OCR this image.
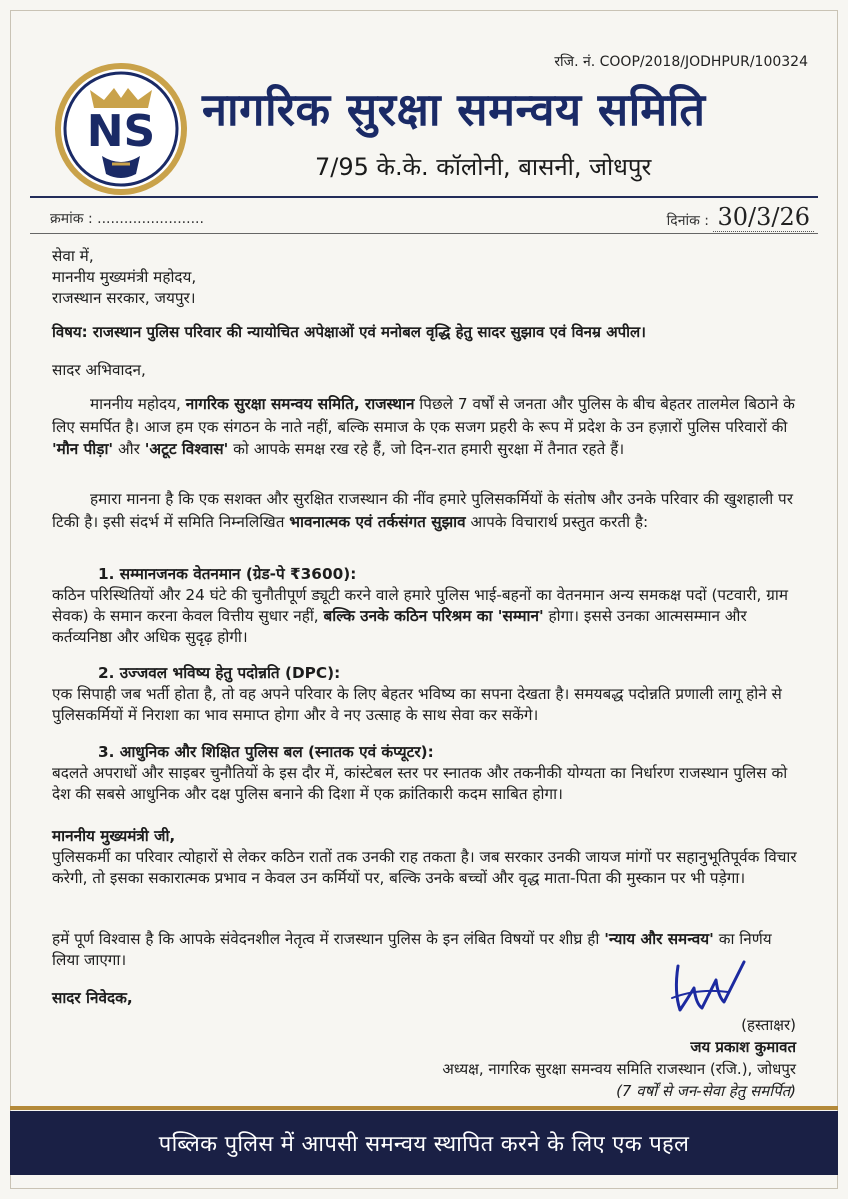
रजि. नं. COOP/2018/JODHPUR/100324
NS नागरिक सुरक्षा समन्वय समिति
7/95 के.के. कॉलोनी, बासनी, जोधपुर
क्रमांक : ........................	दिनांक : 30/3/26

सेवा में,

माननीय मुख्यमंत्री महोदय,

राजस्थान सरकार, जयपुर।

विषय: राजस्थान पुलिस परिवार की न्यायोचित अपेक्षाओं एवं मनोबल वृद्धि हेतु सादर सुझाव एवं विनम्र अपील।
सादर अभिवादन,

माननीय महोदय, नागरिक सुरक्षा समन्वय समिति, राजस्थान पिछले 7 वर्षों से जनता और पुलिस के बीच बेहतर तालमेल बिठाने के लिए समर्पित है। आज हम एक संगठन के नाते नहीं, बल्कि समाज के एक सजग प्रहरी के रूप में प्रदेश के उन हज़ारों पुलिस परिवारों की 'मौन पीड़ा' और 'अटूट विश्वास' को आपके समक्ष रख रहे हैं, जो दिन-रात हमारी सुरक्षा में तैनात रहते हैं।

हमारा मानना है कि एक सशक्त और सुरक्षित राजस्थान की नींव हमारे पुलिसकर्मियों के संतोष और उनके परिवार की खुशहाली पर टिकी है। इसी संदर्भ में समिति निम्नलिखित भावनात्मक एवं तर्कसंगत सुझाव आपके विचारार्थ प्रस्तुत करती है:

1. सम्मानजनक वेतनमान (ग्रेड-पे ₹3600):

कठिन परिस्थितियों और 24 घंटे की चुनौतीपूर्ण ड्यूटी करने वाले हमारे पुलिस भाई-बहनों का वेतनमान अन्य समकक्ष पदों (पटवारी, ग्राम सेवक) के समान करना केवल वित्तीय सुधार नहीं, बल्कि उनके कठिन परिश्रम का 'सम्मान' होगा। इससे उनका आत्मसम्मान और कर्तव्यनिष्ठा और अधिक सुदृढ़ होगी।

2. उज्जवल भविष्य हेतु पदोन्नति (DPC):

एक सिपाही जब भर्ती होता है, तो वह अपने परिवार के लिए बेहतर भविष्य का सपना देखता है। समयबद्ध पदोन्नति प्रणाली लागू होने से पुलिसकर्मियों में निराशा का भाव समाप्त होगा और वे नए उत्साह के साथ सेवा कर सकेंगे।

3. आधुनिक और शिक्षित पुलिस बल (स्नातक एवं कंप्यूटर):

बदलते अपराधों और साइबर चुनौतियों के इस दौर में, कांस्टेबल स्तर पर स्नातक और तकनीकी योग्यता का निर्धारण राजस्थान पुलिस को देश की सबसे आधुनिक और दक्ष पुलिस बनाने की दिशा में एक क्रांतिकारी कदम साबित होगा।

माननीय मुख्यमंत्री जी,

पुलिसकर्मी का परिवार त्योहारों से लेकर कठिन रातों तक उनकी राह तकता है। जब सरकार उनकी जायज मांगों पर सहानुभूतिपूर्वक विचार करेगी, तो इसका सकारात्मक प्रभाव न केवल उन कर्मियों पर, बल्कि उनके बच्चों और वृद्ध माता-पिता की मुस्कान पर भी पड़ेगा।

हमें पूर्ण विश्वास है कि आपके संवेदनशील नेतृत्व में राजस्थान पुलिस के इन लंबित विषयों पर शीघ्र ही 'न्याय और समन्वय' का निर्णय लिया जाएगा।

सादर निवेदक,
(हस्ताक्षर)
जय प्रकाश कुमावत
अध्यक्ष, नागरिक सुरक्षा समन्वय समिति राजस्थान (रजि.), जोधपुर
(7 वर्षों से जन-सेवा हेतु समर्पित)
पब्लिक पुलिस में आपसी समन्वय स्थापित करने के लिए एक पहल
